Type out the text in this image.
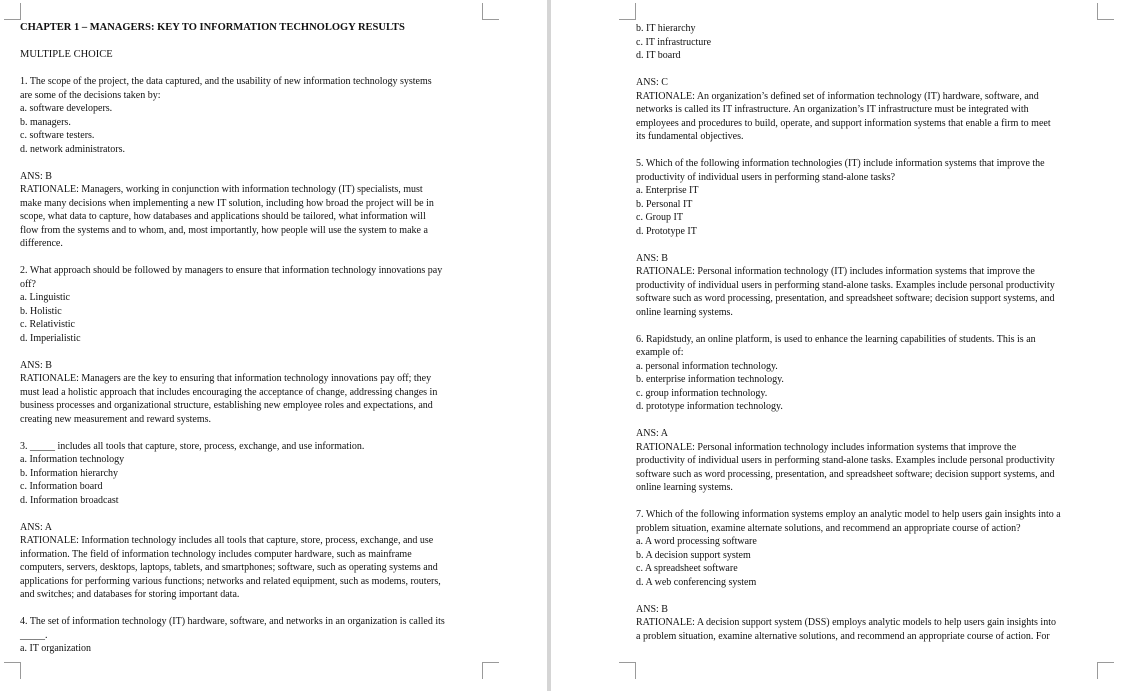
CHAPTER 1 – MANAGERS: KEY TO INFORMATION TECHNOLOGY RESULTS
MULTIPLE CHOICE
1. The scope of the project, the data captured, and the usability of new information technology systems
are some of the decisions taken by:
a. software developers.
b. managers.
c. software testers.
d. network administrators.
ANS: B
RATIONALE: Managers, working in conjunction with information technology (IT) specialists, must
make many decisions when implementing a new IT solution, including how broad the project will be in
scope, what data to capture, how databases and applications should be tailored, what information will
flow from the systems and to whom, and, most importantly, how people will use the system to make a
difference.
2. What approach should be followed by managers to ensure that information technology innovations pay
off?
a. Linguistic
b. Holistic
c. Relativistic
d. Imperialistic
ANS: B
RATIONALE: Managers are the key to ensuring that information technology innovations pay off; they
must lead a holistic approach that includes encouraging the acceptance of change, addressing changes in
business processes and organizational structure, establishing new employee roles and expectations, and
creating new measurement and reward systems.
3. _____ includes all tools that capture, store, process, exchange, and use information.
a. Information technology
b. Information hierarchy
c. Information board
d. Information broadcast
ANS: A
RATIONALE: Information technology includes all tools that capture, store, process, exchange, and use
information. The field of information technology includes computer hardware, such as mainframe
computers, servers, desktops, laptops, tablets, and smartphones; software, such as operating systems and
applications for performing various functions; networks and related equipment, such as modems, routers,
and switches; and databases for storing important data.
4. The set of information technology (IT) hardware, software, and networks in an organization is called its
_____.
a. IT organization
b. IT hierarchy
c. IT infrastructure
d. IT board
ANS: C
RATIONALE: An organization’s defined set of information technology (IT) hardware, software, and
networks is called its IT infrastructure. An organization’s IT infrastructure must be integrated with
employees and procedures to build, operate, and support information systems that enable a firm to meet
its fundamental objectives.
5. Which of the following information technologies (IT) include information systems that improve the
productivity of individual users in performing stand-alone tasks?
a. Enterprise IT
b. Personal IT
c. Group IT
d. Prototype IT
ANS: B
RATIONALE: Personal information technology (IT) includes information systems that improve the
productivity of individual users in performing stand-alone tasks. Examples include personal productivity
software such as word processing, presentation, and spreadsheet software; decision support systems, and
online learning systems.
6. Rapidstudy, an online platform, is used to enhance the learning capabilities of students. This is an
example of:
a. personal information technology.
b. enterprise information technology.
c. group information technology.
d. prototype information technology.
ANS: A
RATIONALE: Personal information technology includes information systems that improve the
productivity of individual users in performing stand-alone tasks. Examples include personal productivity
software such as word processing, presentation, and spreadsheet software; decision support systems, and
online learning systems.
7. Which of the following information systems employ an analytic model to help users gain insights into a
problem situation, examine alternate solutions, and recommend an appropriate course of action?
a. A word processing software
b. A decision support system
c. A spreadsheet software
d. A web conferencing system
ANS: B
RATIONALE: A decision support system (DSS) employs analytic models to help users gain insights into
a problem situation, examine alternative solutions, and recommend an appropriate course of action. For
